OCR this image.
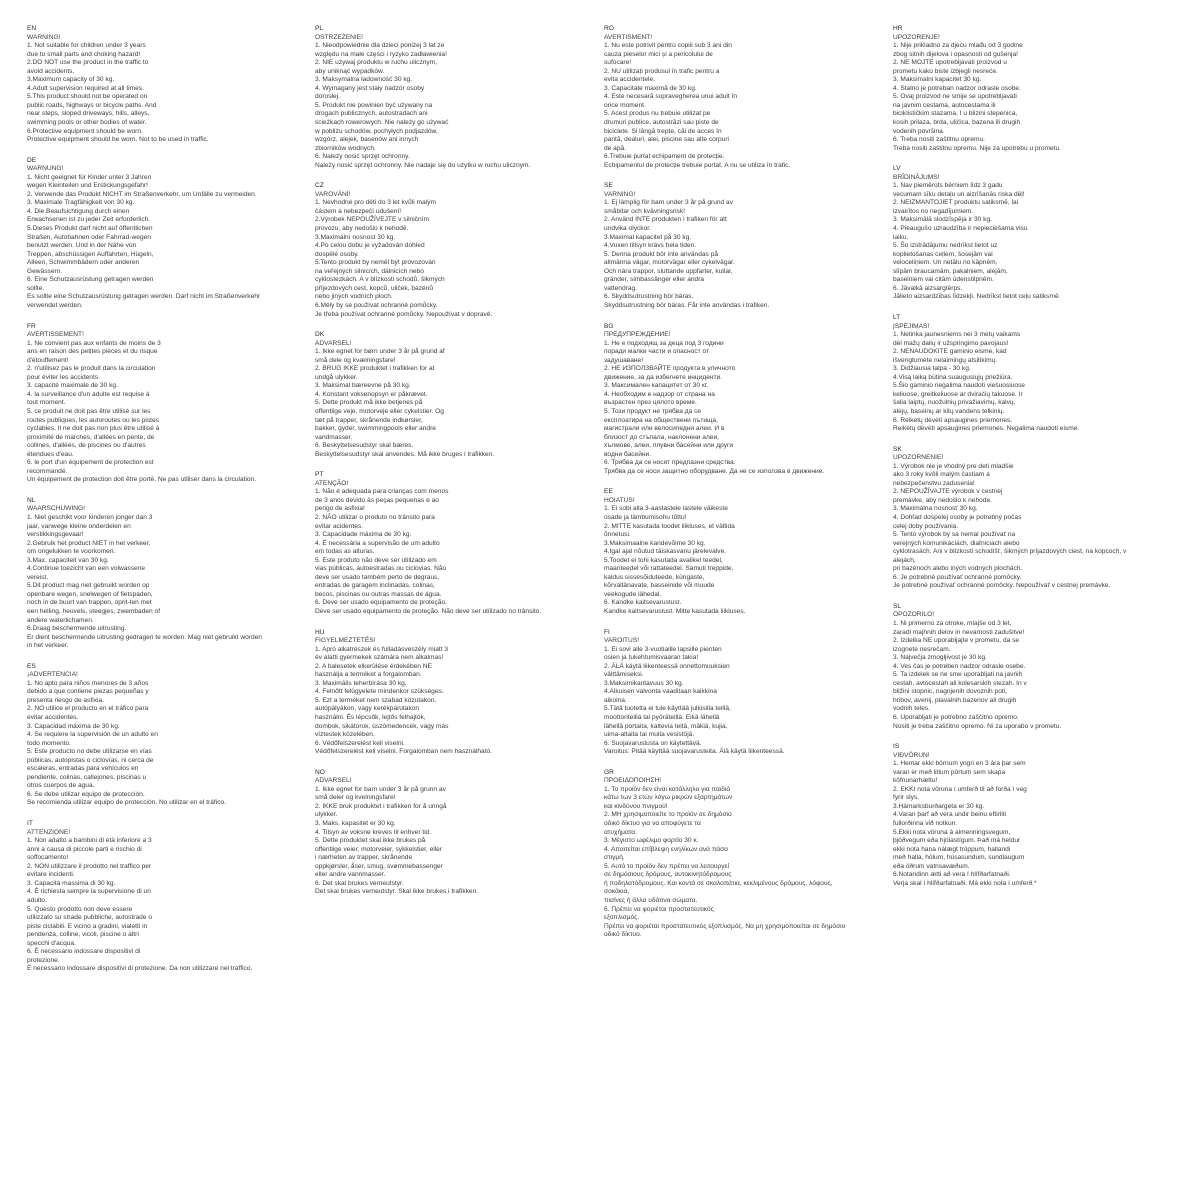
EN
WARNING!
1. Not suitable for children under 3 years
due to small parts and choking hazard!
2.DO NOT use the product in the traffic to
avoid accidents.
3.Maximum capacity of 30 kg.
4.Adult supervision required at all times.
5.This product should not be operated on
public roads, highways or bicycle paths. And
near steps, sloped driveways, hills, alleys,
swimming pools or other bodies of water.
6.Protective equipment should be worn.
Protective equipment should be worn. Not to be used in traffic.
DE
WARNUNG!
1. Nicht geeignet für Kinder unter 3 Jahren
wegen Kleinteilen und Erstickungsgefahr!
2. Verwende das Produkt NICHT im Straßenverkehr, um Unfälle zu vermeiden.
3. Maximale Tragfähigkeit von 30 kg.
4. Die Beaufsichtigung durch einen
Erwachsenen ist zu jeder Zeit erforderlich.
5.Dieses Produkt darf nicht auf öffentlichen
Straßen, Autobahnen oder Fahrrad-wegen
benutzt werden. Und in der Nähe von
Treppen, abschüssigen Auffahrten, Hügeln,
Alleen, Schwimmbädern oder anderen
Gewässern.
6. Eine Schutzausrüstung getragen werden
sollte.
Es sollte eine Schutzausrüstung getragen werden. Darf nicht im Straßenverkehr
verwendet werden.
FR
AVERTISSEMENT!
1. Ne convient pas aux enfants de moins de 3
ans en raison des petites pièces et du risque
d'étouffement!
2. n'utilisez pas le produit dans la circulation
pour éviter les accidents.
3. capacité maximale de 30 kg.
4. la surveillance d'un adulte est requise à
tout moment.
5. ce produit ne doit pas être utilisé sur les
routes publiques, les autoroutes ou les pistes
cyclables. Il ne doit pas non plus être utilisé à
proximité de marches, d'allées en pente, de
collines, d'allées, de piscines ou d'autres
étendues d'eau.
6. le port d'un équipement de protection est
recommandé.
Un équipement de protection doit être porté. Ne pas utiliser dans la circulation.
NL
WAARSCHUWING!
1. Niet geschikt voor kinderen jonger dan 3
jaar, vanwege kleine onderdelen en
verstikkingsgevaar!
2.Gebruik het product NIET in het verkeer,
om ongelukken te voorkomen.
3.Max. capaciteit van 30 kg.
4.Continue toezicht van een volwassene
vereist.
5.Dit product mag niet gebruikt worden op
openbare wegen, snelwegen of fietspaden,
noch in de buurt van trappen, oprit-ten met
een helling, heuvels, steegjes, zwembaden of
andere waterlichamen.
6.Draag beschermende uitrusting.
Er dient beschermende uitrusting gedragen te worden. Mag niet gebruikt worden
in het verkeer.
ES
¡ADVERTENCIA!
1. No apto para niños menores de 3 años
debido a que contiene piezas pequeñas y
presenta riesgo de asfixia.
2. NO utilice el producto en el tráfico para
evitar accidentes.
3. Capacidad máxima de 30 kg.
4. Se requiere la supervisión de un adulto en
todo momento.
5. Este producto no debe utilizarse en vías
públicas, autopistas o ciclovías, ni cerca de
escaleras, entradas para vehículos en
pendiente, colinas, callejones, piscinas u
otros cuerpos de agua.
6. Se debe utilizar equipo de protección.
Se recomienda utilizar equipo de protección. No utilizar en el tráfico.
IT
ATTENZIONE!
1. Non adatto a bambini di età inferiore a 3
anni a causa di piccole parti e rischio di
soffocamento!
2. NON utilizzare il prodotto nel traffico per
evitare incidenti.
3. Capacità massima di 30 kg.
4. È richiesta sempre la supervisione di un
adulto.
5. Questo prodotto non deve essere
utilizzato su strade pubbliche, autostrade o
piste ciclabili. E vicino a gradini, vialetti in
pendenza, colline, vicoli, piscine o altri
specchi d'acqua.
6. È necessario indossare dispositivi di
protezione.
È necessario indossare dispositivi di protezione. Da non utilizzare nel traffico.
PL
OSTRZEŻENIE!
1. Nieodpowiednie dla dzieci poniżej 3 lat ze
względu na małe części i ryzyko zadławienia!
2. NIE używaj produktu w ruchu ulicznym,
aby uniknąć wypadków.
3. Maksymalna ładowność 30 kg.
4. Wymagany jest stały nadzór osoby
dorosłej.
5. Produkt nie powinien być używany na
drogach publicznych, autostradach ani
ścieżkach rowerowych. Nie należy go używać
w pobliżu schodów, pochyłych podjazdów,
wzgórz, alejek, basenów ani innych
zbiorników wodnych.
6. Należy nosić sprzęt ochronny.
Należy nosić sprzęt ochronny. Nie nadaje się do użytku w ruchu ulicznym.
CZ
VAROVÁNÍ!
1. Nevhodné pro děti do 3 let kvůli malým
částem a nebezpečí udušení!
2.Výrobek NEPOUŽÍVEJTE v silničním
provozu, aby nedošlo k nehodě.
3.Maximální nosnost 30 kg.
4.Po celou dobu je vyžadován dohled
dospělé osoby.
5.Tento produkt by neměl být provozován
na veřejných silnicích, dálnicích nebo
cyklostezkách. A v blízkosti schodů, šikmých
příjezdových cest, kopců, uliček, bazénů
nebo jiných vodních ploch.
6.Měly by se používat ochranné pomůcky.
Je třeba používat ochranné pomůcky. Nepoužívat v dopravě.
DK
ADVARSEL!
1. Ikke egnet for børn under 3 år på grund af
små dele og kvælningsfare!
2. BRUG IKKE produktet i trafikken for at
undgå ulykker.
3. Maksimal bæreevne på 30 kg.
4. Konstant voksenopsyn er påkrævet.
5. Dette produkt må ikke betjenes på
offentlige veje, motorveje eller cykelstier. Og
tæt på trapper, skrånende indkørsler,
bakker, gyder, swimmingpools eller andre
vandmasser.
6. Beskyttelsesudstyr skal bæres.
Beskyttelsesudstyr skal anvendes. Må ikke bruges i trafikken.
PT
ATENÇÃO!
1. Não é adequada para crianças com menos
de 3 anos devido às peças pequenas e ao
perigo de asfixia!
2. NÃO utilizar o produto no trânsito para
evitar acidentes.
3. Capacidade máxima de 30 kg.
4. É necessária a supervisão de um adulto
em todas as alturas.
5. Este produto não deve ser utilizado em
vias públicas, autoestradas ou ciclovias. Não
deve ser usado também perto de degraus,
entradas de garagem inclinadas, colinas,
becos, piscinas ou outras massas de água.
6. Deve ser usado equipamento de proteção.
Deve ser usado equipamento de proteção. Não deve ser utilizado no trânsito.
HU
FIGYELMEZTETÉS!
1. Apró alkatrészek és fulladásveszély miatt 3
év alatti gyermekek számára nem alkalmas!
2. A balesetek elkerülése érdekében NE
használja a terméket a forgalomban.
3. Maximális teherbírása 30 kg.
4. Felnőtt felügyelete mindenkor szükséges.
5. Ezt a terméket nem szabad közutakon,
autópályákon, vagy kerékpárutakon
használni. És lépcsők, lejtős felhajtók,
dombok, sikátorok, úszómedencék, vagy más
víztestek közelében.
6. Védőfelszerelést kell viselni.
Védőfelszerelést kell viselni. Forgalomban nem használható.
NO
ADVARSEL!
1. Ikke egnet for barn under 3 år på grunn av
små deler og kvelningsfare!
2. IKKE bruk produktet i trafikken for å unngå
ulykker.
3. Maks. kapasitet er 30 kg.
4. Tilsyn av voksne kreves til enhver tid.
5. Dette produktet skal ikke brukes på
offentlige veier, motorveier, sykkelstier, eller
i nærheten av trapper, skrånende
oppkjørsler, åser, smug, svømmebassenger
eller andre vannmasser.
6. Det skal brukes verneutstyr.
Det skal brukes verneutstyr. Skal ikke brukes i trafikken.
RO
AVERTISMENT!
1. Nu este potrivit pentru copiii sub 3 ani din
cauza pieselor mici și a pericolului de
sufocare!
2. NU utilizați produsul în trafic pentru a
evita accidentele.
3. Capacitate maximă de 30 kg.
4. Este necesară supravegherea unui adult în
orice moment.
5. Acest produs nu trebuie utilizat pe
drumuri publice, autostrăzi sau piste de
biciclete. Și lângă trepte, căi de acces în
pantă, dealuri, alei, piscine sau alte corpuri
de apă.
6.Trebuie purtat echipament de protecție.
Echipamentul de protecție trebuie purtat. A nu se utiliza în trafic.
SE
VARNING!
1. Ej lämplig för barn under 3 år på grund av
småbitar och kvävningsrisk!
2. Använd INTE produkten i trafiken för att
undvika olyckor.
3.Maximal kapacitet på 30 kg.
4.Vuxen tillsyn krävs hela tiden.
5. Denna produkt bör inte användas på
allmänna vägar, motorvägar eller cykelvägar.
Och nära trappor, sluttande uppfarter, kullar,
gränder, simbassänger eller andra
vattendrag.
6. Skyddsutrustning bör bäras.
Skyddsutrustning bör bäras. Får inte användas i trafiken.
BG
ПРЕДУПРЕЖДЕНИЕ!
1. Не е подходящ за деца под 3 години
поради малки части и опасност от
задушаване!
2. НЕ ИЗПОЛЗВАЙТЕ продукта в уличното
движение, за да избегнете инциденти.
3. Максимален капацитет от 30 кг.
4. Необходим е надзор от страна на
възрастен през цялото време.
5. Този продукт не трябва да се
експлоатира на обществени пътища,
магистрали или велосипедни алеи. И в
близост до стъпала, наклонени алеи,
хълмове, алеи, плувни басейни или други
водни басейни.
6. Трябва да се носят предпазни средства.
Трябва да се носи защитно оборудване. Да не се използва в движение.
EE
HOIATUS!
1. Ei sobi alla 3-aastastele lastele väikeste
osade ja lämbumisohu tõttu!
2. MITTE kasutada toodet liikluses, et vältida
õnnetusi.
3.Maksimaalne kandevõime 30 kg.
4.Igal ajal nõutud täiskasvanu järelevalve.
5.Toodet ei tohi kasutada avalikel teedel,
maanteedel või rattateedel. Samuti treppide,
kaldus sissesõiduteede, küngaste,
kõrvaltänavate, basseinide või muude
veekogude lähedal.
6. Kandke kaitsevarustust.
Kandke kaitsevarustust. Mitte kasutada liikluses.
FI
VAROITUS!
1. Ei sovi alle 3-vuotiaille lapsille pienten
osien ja tukehtumisvaaran takia!
2. ÄLÄ käytä liikenteessä onnettomuuksien
välttämiseksi.
3.Maksimikantavuus 30 kg.
4.Aikuisen valvonta vaaditaan kaikkina
aikoina.
5.Tätä tuotetta ei tule käyttää julkisilla teillä,
moottoriteillä tai pyöräteillä. Eikä lähellä
lähellä portaita, kaltevia teitä, mäkiä, kujia,
uima-altaita tai muita vesistöjä.
6. Suojavarustusta on käytettävä.
Varoitus: Pitää käyttää suojavarusteita. Älä käytä liikenteessä.
GR
ΠΡΟΕΙΔΟΠΟΙΗΣΗ!
1. Το προϊόν δεν είναι κατάλληλο για παιδιά
κάτω των 3 ετών λόγω μικρών εξαρτημάτων
και κινδύνου πνιγμού!
2. ΜΗ χρησιμοποιείτε το προϊόν σε δημόσιο
οδικό δίκτυο για να αποφύγετε τα
ατυχήματα.
3. Μέγιστο ωφέλιμο φορτίο 30 κ.
4. Απαιτείται επίβλεψη ενηλίκων ανά πάσα
στιγμή.
5. Αυτό το προϊόν δεν πρέπει να λειτουργεί
σε δημόσιους δρόμους, αυτοκινητόδρομους
ή ποδηλατόδρομους. Και κοντά σε σκαλοπάτια, κεκλιμένους δρόμους, λόφους,
σοκάκια,
πισίνες ή άλλα υδάτινα σώματα.
6. Πρέπει να φοριέται προστατευτικός
εξοπλισμός.
Πρέπει να φοριέται προστατευτικός εξοπλισμός. Να μη χρησιμοποιείται σε δημόσιο
οδικό δίκτυο.
HR
UPOZORENJE!
1. Nije prikladno za djecu mlađu od 3 godine
zbog sitnih dijelova i opasnosti od gušenja!
2. NE MOJTE upotrebljavati proizvod u
prometu kako biste izbjegli nesreće.
3. Maksimalni kapacitet 30 kg.
4. Stalno je potreban nadzor odrasle osobe.
5. Ovaj proizvod ne smije se upotrebljavati
na javnim cestama, autocestama ili
biciklističkim stazama. I u blizini stepenica,
kosih prilaza, brda, uličica, bazena ili drugih
vodenih površina.
6. Treba nositi zaštitnu opremu.
Treba nositi zaštitnu opremu. Nije za upotrebu u prometu.
LV
BRĪDINĀJUMS!
1. Nav piemērots bērniem līdz 3 gadu
vecumam sīku detaļu un aizrīšanās riska dēļ!
2. NEIZMANTOJIET produktu satiksmē, lai
izvairītos no negadījumiem.
3. Maksimālā slodzīspēja ir 30 kg.
4. Pieaugušo uzraudzība ir nepieciešama visu
laiku.
5. Šo izstrādājumu nedrīkst lietot uz
koplietošanas ceļiem, šosejām vai
veloceliņiem. Un netālu no kāpnēm,
slīpām braucamām, pakalniem, alejām,
baseiniem vai citām ūdenstilpnēm.
6. Jāvalkā aizsargtērps.
Jālieto aizsardzības līdzekļi. Nedrīkst lietot ceļu satiksmē.
LT
ĮSPĖJIMAS!
1. Netinka jaunesniems nei 3 metų vaikams
dėl mažų dalių ir užspringimo pavojaus!
2. NENAUDOKITE gaminio eisme, kad
išvengtumėte nelaimingų atsitikimų.
3. Didžiausia talpa - 30 kg.
4.Visą laiką būtina suaugusiųjų priežiūra.
5.Šio gaminio negalima naudoti viešuosiuose
keliuose, greitkeliuose ar dviračių takuose. Ir
šalia laiptų, nuožulnių privažiavimų, kalvų,
alėjų, baseinų ar kitų vandens telkinių.
6. Reikėtų dėvėti apsaugines priemones.
Reikėtų dėvėti apsaugines priemones. Negalima naudoti eisme.
SK
UPOZORNENIE!
1. Výrobok nie je vhodný pre deti mladšie
ako 3 roky kvôli malým častiam a
nebezpečenstvu zadusenia!
2. NEPOUŽÍVAJTE výrobok v cestnej
premávke, aby nedošlo k nehode.
3. Maximálna nosnosť 30 kg.
4. Dohľad dospelej osoby je potrebný počas
celej doby používania.
5. Tento výrobok by sa nemal používať na
verejných komunikáciách, diaľniciach alebo
cyklotrasách. Ani v blízkosti schodíšť, šikmých príjazdových ciest, na kopcoch, v
alejách,
pri bazénoch alebo iných vodných plochách.
6. Je potrebné používať ochranné pomôcky.
Je potrebné používať ochranné pomôcky. Nepoužívať v cestnej premávke.
SL
OPOZORILO!
1. Ni primerno za otroke, mlajše od 3 let,
zaradi majhnih delov in nevarnosti zadušitve!
2. Izdelka NE uporabljajte v prometu, da se
izognete nesrečam.
3. Največja zmogljivost je 30 kg.
4. Ves čas je potreben nadzor odrasle osebe.
5. Ta izdelek se ne sme uporabljati na javnih
cestah, avtocestah ali kolesarskih stezah. In v
bližini stopnic, nagnjenih dovoznih poti,
hribov, avenij, plavalnih bazenov ali drugih
vodnih teles.
6. Uporabljati je potrebno zaščitno opremo.
Nositi je treba zaščitno opremo. Ni za uporabo v prometu.
IS
VIÐVÖRUN!
1. Hentar ekki börnum yngri en 3 ára þar sem
varan er með litlum pörtum sem skapa
köfnunarhættu!
2. EKKI nota vöruna í umferð til að forða í veg
fyrir slys.
3.Hámarksburðargeta er 30 kg.
4.Varan þarf að vera undir beinu eftirliti
fullorðinna við notkun.
5.Ekki nota vöruna á almenningsvegum,
þjóðvegum eða hjólastígum. Það má heldur
ekki nota hana nálægt tröppum, hallandi
með halla, hólum, húsasundum, sundlaugum
eða öðrum vatnsavæðum.
6.Notandinn ætti að vera í hlífðarfatnaði.
Verja skal í hlífðarfatnaði. Má ekki nota í umferð.*
